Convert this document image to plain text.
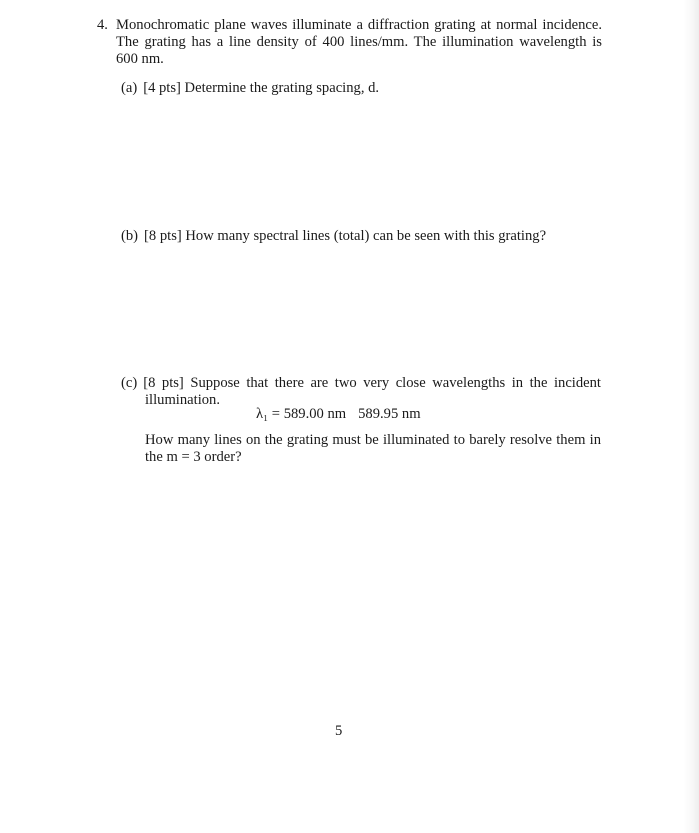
4. Monochromatic plane waves illuminate a diffraction grating at normal incidence.
The grating has a line density of 400 lines/mm. The illumination wavelength is
600 nm.
(a) [4 pts] Determine the grating spacing, d.
(b) [8 pts] How many spectral lines (total) can be seen with this grating?
(c) [8 pts] Suppose that there are two very close wavelengths in the incident
illumination.
λ₁ = 589.00 nm 589.95 nm
How many lines on the grating must be illuminated to barely resolve them in
the m = 3 order?
5
